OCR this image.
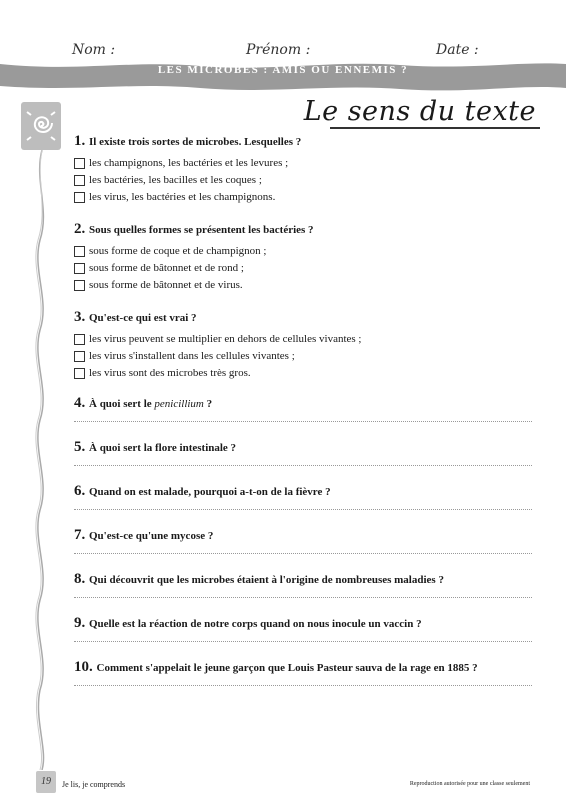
Nom :	Prénom :	Date :
LES MICROBES : AMIS OU ENNEMIS ?
Le sens du texte
1. Il existe trois sortes de microbes. Lesquelles ?
les champignons, les bactéries et les levures ;
les bactéries, les bacilles et les coques ;
les virus, les bactéries et les champignons.
2. Sous quelles formes se présentent les bactéries ?
sous forme de coque et de champignon ;
sous forme de bâtonnet et de rond ;
sous forme de bâtonnet et de virus.
3. Qu'est-ce qui est vrai ?
les virus peuvent se multiplier en dehors de cellules vivantes ;
les virus s'installent dans les cellules vivantes ;
les virus sont des microbes très gros.
4. À quoi sert le penicillium ?
5. À quoi sert la flore intestinale ?
6. Quand on est malade, pourquoi a-t-on de la fièvre ?
7. Qu'est-ce qu'une mycose ?
8. Qui découvrit que les microbes étaient à l'origine de nombreuses maladies ?
9. Quelle est la réaction de notre corps quand on nous inocule un vaccin ?
10. Comment s'appelait le jeune garçon que Louis Pasteur sauva de la rage en 1885 ?
19	Je lis, je comprends	Reproduction autorisée pour une classe seulement
